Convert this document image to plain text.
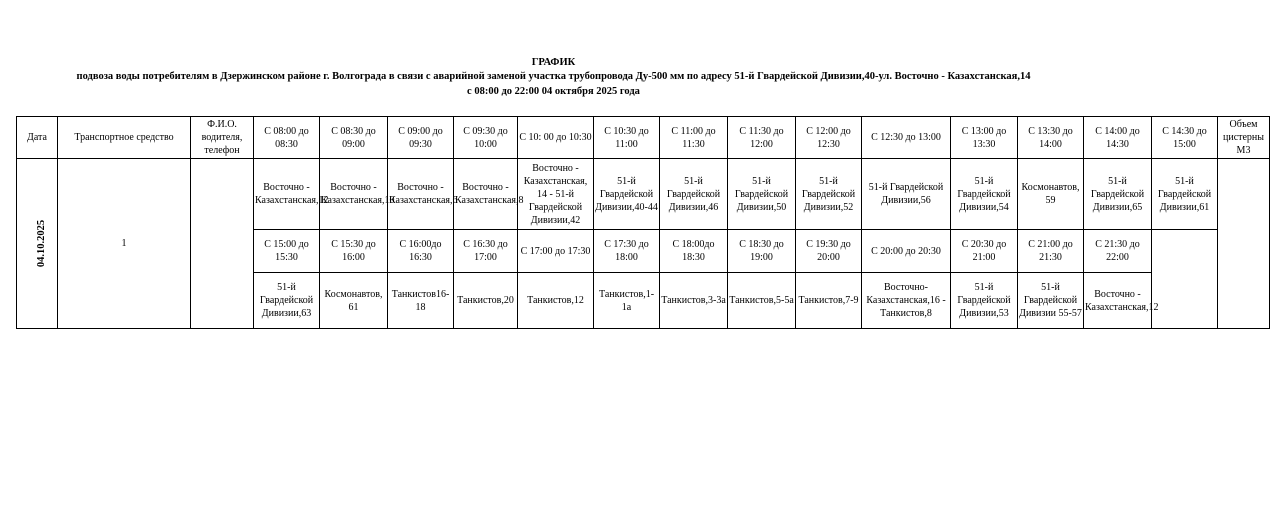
ГРАФИК
подвоза воды потребителям в Дзержинском районе г. Волгограда в связи с аварийной заменой участка трубопровода Ду-500 мм по адресу 51-й Гвардейской Дивизии,40-ул. Восточно - Казахстанская,14
с 08:00 до 22:00 04 октября 2025 года
Дата	Транспортное средство	Ф.И.О. водителя, телефон	С 08:00 до 08:30	С 08:30 до 09:00	С 09:00 до 09:30	С 09:30 до 10:00	С 10: 00 до 10:30	С 10:30 до 11:00	С 11:00 до 11:30	С 11:30 до 12:00	С 12:00 до 12:30	С 12:30 до 13:00	С 13:00 до 13:30	С 13:30 до 14:00	С 14:00 до 14:30	С 14:30 до 15:00	Объем цистерны М3
04.10.2025	1		Восточно - Казахстанская,12	Восточно - Казахстанская,10	Восточно - Казахстанская,6	Восточно - Казахстанская,8	Восточно - Казахстанская, 14 - 51-й Гвардейской Дивизии,42	51-й Гвардейской Дивизии,40-44	51-й Гвардейской Дивизии,46	51-й Гвардейской Дивизии,50	51-й Гвардейской Дивизии,52	51-й Гвардейской Дивизии,56	51-й Гвардейской Дивизии,54	Космонавтов, 59	51-й Гвардейской Дивизии,65	51-й Гвардейской Дивизии,61	
			С 15:00 до 15:30	С 15:30 до 16:00	С 16:00до 16:30	С 16:30 до 17:00	С 17:00 до 17:30	С 17:30 до 18:00	С 18:00до 18:30	С 18:30 до 19:00	С 19:30 до 20:00	С 20:00 до 20:30	С 20:30 до 21:00	С 21:00 до 21:30	С 21:30 до 22:00		
			51-й Гвардейской Дивизии,63	Космонавтов, 61	Танкистов16-18	Танкистов,20	Танкистов,12	Танкистов,1-1а	Танкистов,3-3а	Танкистов,5-5а	Танкистов,7-9	Восточно-Казахстанская,16 - Танкистов,8	51-й Гвардейской Дивизии,53	51-й Гвардейской Дивизии 55-57	Восточно - Казахстанская,12		
